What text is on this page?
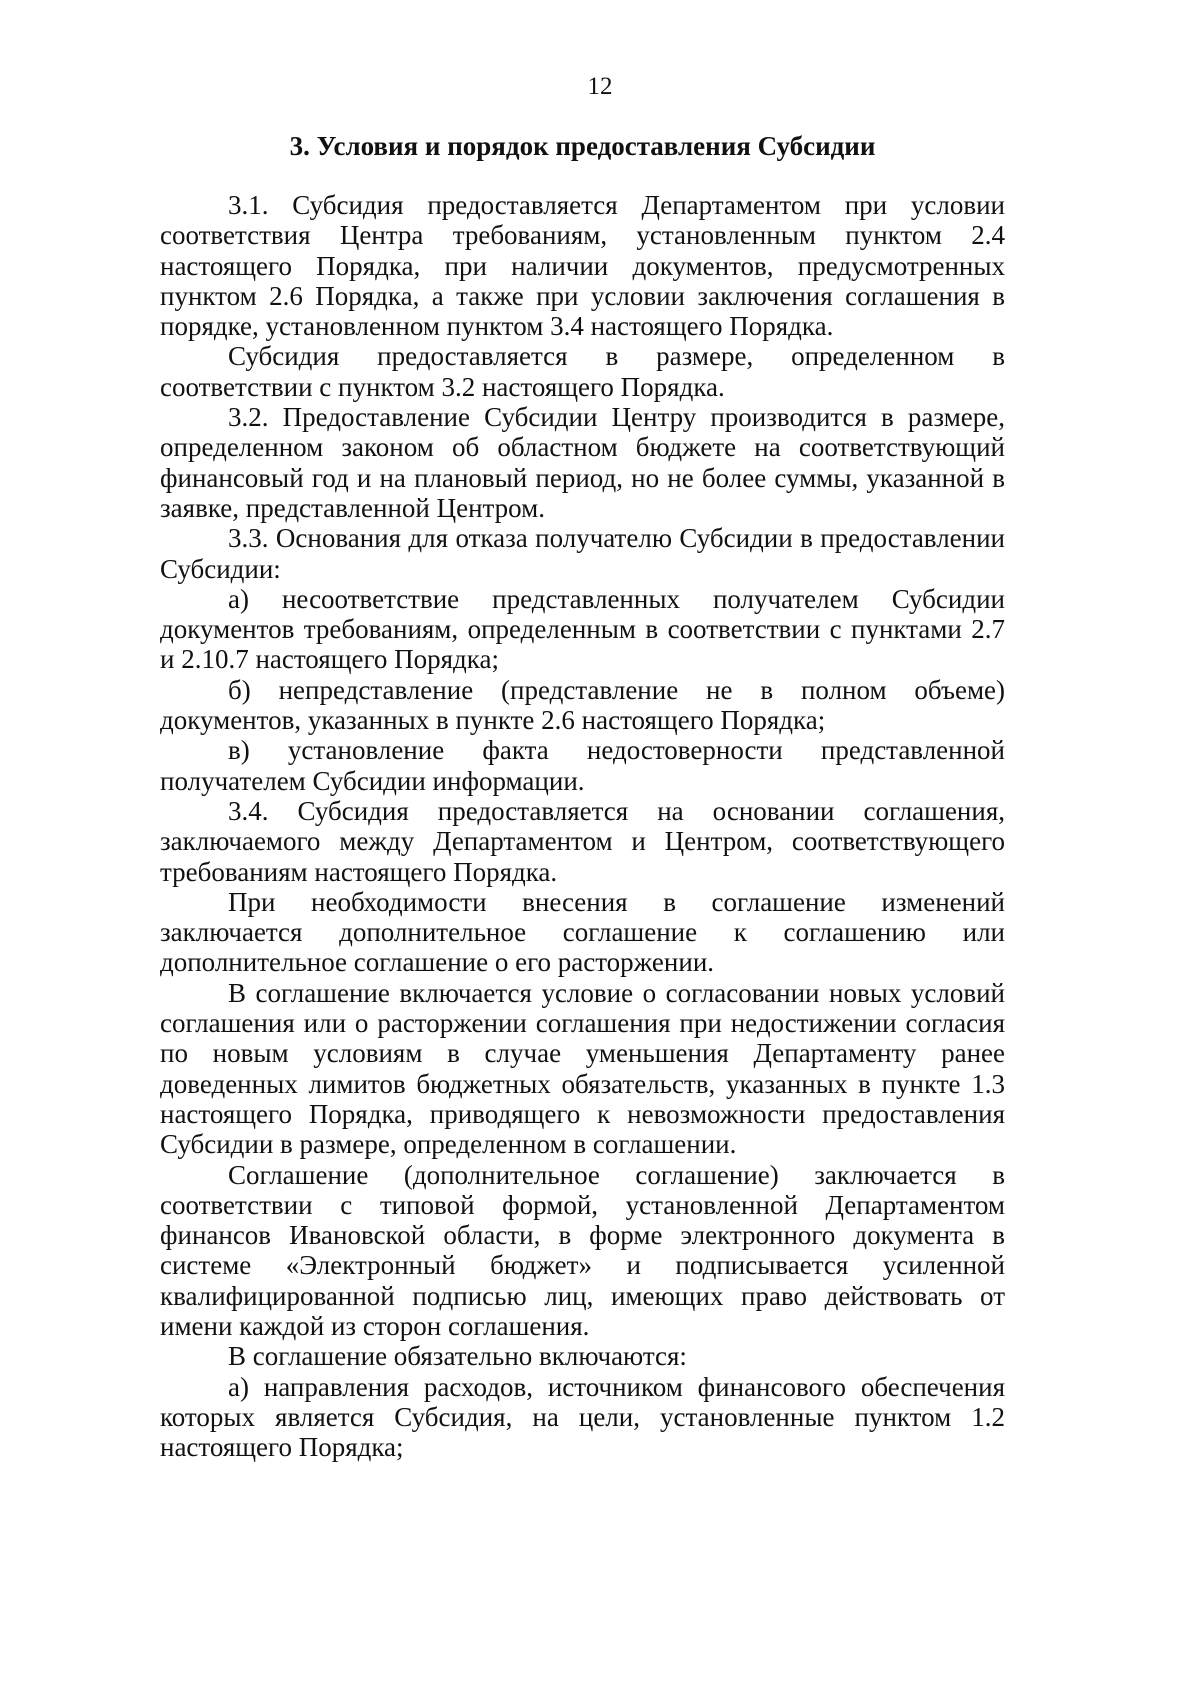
12
3. Условия и порядок предоставления Субсидии

3.1. Субсидия предоставляется Департаментом при условии соответствия Центра требованиям, установленным пунктом 2.4 настоящего Порядка, при наличии документов, предусмотренных пунктом 2.6 Порядка, а также при условии заключения соглашения в порядке, установленном пунктом 3.4 настоящего Порядка.

Субсидия предоставляется в размере, определенном в соответствии с пунктом 3.2 настоящего Порядка.

3.2. Предоставление Субсидии Центру производится в размере, определенном законом об областном бюджете на соответствующий финансовый год и на плановый период, но не более суммы, указанной в заявке, представленной Центром.

3.3. Основания для отказа получателю Субсидии в предоставлении Субсидии:

а) несоответствие представленных получателем Субсидии документов требованиям, определенным в соответствии с пунктами 2.7 и 2.10.7 настоящего Порядка;

б) непредставление (представление не в полном объеме) документов, указанных в пункте 2.6 настоящего Порядка;

в) установление факта недостоверности представленной получателем Субсидии информации.

3.4. Субсидия предоставляется на основании соглашения, заключаемого между Департаментом и Центром, соответствующего требованиям настоящего Порядка.

При необходимости внесения в соглашение изменений заключается дополнительное соглашение к соглашению или дополнительное соглашение о его расторжении.

В соглашение включается условие о согласовании новых условий соглашения или о расторжении соглашения при недостижении согласия по новым условиям в случае уменьшения Департаменту ранее доведенных лимитов бюджетных обязательств, указанных в пункте 1.3 настоящего Порядка, приводящего к невозможности предоставления Субсидии в размере, определенном в соглашении.

Соглашение (дополнительное соглашение) заключается в соответствии с типовой формой, установленной Департаментом финансов Ивановской области, в форме электронного документа в системе «Электронный бюджет» и подписывается усиленной квалифицированной подписью лиц, имеющих право действовать от имени каждой из сторон соглашения.

В соглашение обязательно включаются:

а) направления расходов, источником финансового обеспечения которых является Субсидия, на цели, установленные пунктом 1.2 настоящего Порядка;
